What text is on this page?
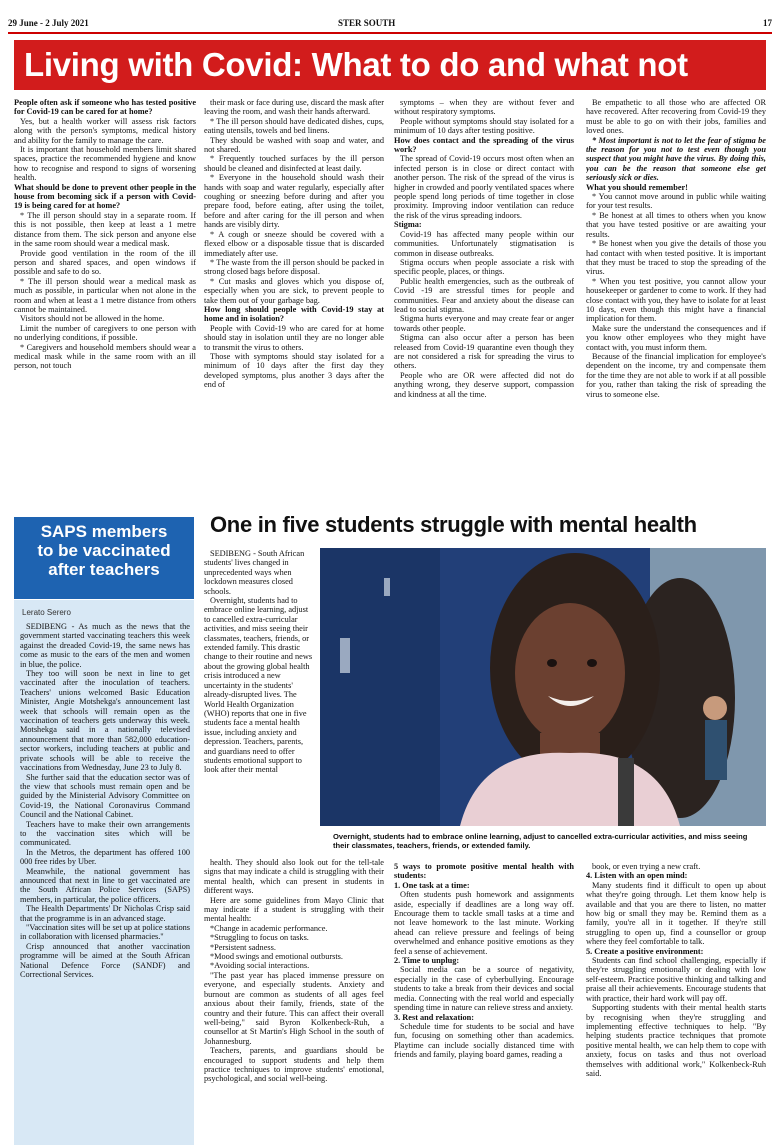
29 June - 2 July 2021	STER SOUTH	17
Living with Covid: What to do and what not

People often ask if someone who has tested positive for Covid-19 can be cared for at home?

Yes, but a health worker will assess risk factors along with the person's symptoms, medical history and ability for the family to manage the care.

It is important that household members limit shared spaces, practice the recommended hygiene and know how to recognise and respond to signs of worsening health.

What should be done to prevent other people in the house from becoming sick if a person with Covid-19 is being cared for at home?

* The ill person should stay in a separate room. If this is not possible, then keep at least a 1 metre distance from them. The sick person and anyone else in the same room should wear a medical mask.

Provide good ventilation in the room of the ill person and shared spaces, and open windows if possible and safe to do so.

* The ill person should wear a medical mask as much as possible, in particular when not alone in the room and when at least a 1 metre distance from others cannot be maintained.

Visitors should not be allowed in the home.

Limit the number of caregivers to one person with no underlying conditions, if possible.

* Caregivers and household members should wear a medical mask while in the same room with an ill person, not touch

their mask or face during use, discard the mask after leaving the room, and wash their hands afterward.

* The ill person should have dedicated dishes, cups, eating utensils, towels and bed linens.

They should be washed with soap and water, and not shared.

* Frequently touched surfaces by the ill person should be cleaned and disinfected at least daily.

* Everyone in the household should wash their hands with soap and water regularly, especially after coughing or sneezing before during and after you prepare food, before eating, after using the toilet, before and after caring for the ill person and when hands are visibly dirty.

* A cough or sneeze should be covered with a flexed elbow or a disposable tissue that is discarded immediately after use.

* The waste from the ill person should be packed in strong closed bags before disposal.

* Cut masks and gloves which you dispose of, especially when you are sick, to prevent people to take them out of your garbage bag.

How long should people with Covid-19 stay at home and in isolation?

People with Covid-19 who are cared for at home should stay in isolation until they are no longer able to transmit the virus to others.

Those with symptoms should stay isolated for a minimum of 10 days after the first day they developed symptoms, plus another 3 days after the end of

symptoms – when they are without fever and without respiratory symptoms.

People without symptoms should stay isolated for a minimum of 10 days after testing positive.

How does contact and the spreading of the virus work?

The spread of Covid-19 occurs most often when an infected person is in close or direct contact with another person. The risk of the spread of the virus is higher in crowded and poorly ventilated spaces where people spend long periods of time together in close proximity. Improving indoor ventilation can reduce the risk of the virus spreading indoors.

Stigma:

Covid-19 has affected many people within our communities. Unfortunately stigmatisation is common in disease outbreaks.

Stigma occurs when people associate a risk with specific people, places, or things.

Public health emergencies, such as the outbreak of Covid -19 are stressful times for people and communities. Fear and anxiety about the disease can lead to social stigma.

Stigma hurts everyone and may create fear or anger towards other people.

Stigma can also occur after a person has been released from Covid-19 quarantine even though they are not considered a risk for spreading the virus to others.

People who are OR were affected did not do anything wrong, they deserve support, compassion and kindness at all the time.

Be empathetic to all those who are affected OR have recovered. After recovering from Covid-19 they must be able to go on with their jobs, families and loved ones.

* Most important is not to let the fear of stigma be the reason for you not to test even though you suspect that you might have the virus. By doing this, you can be the reason that someone else get seriously sick or dies.

What you should remember!

* You cannot move around in public while waiting for your test results.

* Be honest at all times to others when you know that you have tested positive or are awaiting your results.

* Be honest when you give the details of those you had contact with when tested positive. It is important that they must be traced to stop the spreading of the virus.

* When you test positive, you cannot allow your housekeeper or gardener to come to work. If they had close contact with you, they have to isolate for at least 10 days, even though this might have a financial implication for them.

Make sure the understand the consequences and if you know other employees who they might have contact with, you must inform them.

Because of the financial implication for employee's dependent on the income, try and compensate them for the time they are not able to work if at all possible for you, rather than taking the risk of spreading the virus to someone else.

SAPS members
to be vaccinated
after teachers
Lerato Serero

SEDIBENG - As much as the news that the government started vaccinating teachers this week against the dreaded Covid-19, the same news has come as music to the ears of the men and women in blue, the police.

They too will soon be next in line to get vaccinated after the inoculation of teachers. Teachers' unions welcomed Basic Education Minister, Angie Motshekga's announcement last week that schools will remain open as the vaccination of teachers gets underway this week. Motshekga said in a nationally televised announcement that more than 582,000 education-sector workers, including teachers at public and private schools will be able to receive the vaccinations from Wednesday, June 23 to July 8.

She further said that the education sector was of the view that schools must remain open and be guided by the Ministerial Advisory Committee on Covid-19, the National Coronavirus Command Council and the National Cabinet.

Teachers have to make their own arrangements to the vaccination sites which will be communicated.

In the Metros, the department has offered 100 000 free rides by Uber.

Meanwhile, the national government has announced that next in line to get vaccinated are the South African Police Services (SAPS) members, in particular, the police officers.

The Health Departments' Dr Nicholas Crisp said that the programme is in an advanced stage.

"Vaccination sites will be set up at police stations in collaboration with licensed pharmacies."

Crisp announced that another vaccination programme will be aimed at the South African National Defence Force (SANDF) and Correctional Services.

One in five students struggle with mental health

SEDIBENG - South African students' lives changed in unprecedented ways when lockdown measures closed schools.

Overnight, students had to embrace online learning, adjust to cancelled extra-curricular activities, and miss seeing their classmates, teachers, friends, or extended family. This drastic change to their routine and news about the growing global health crisis introduced a new uncertainty in the students' already-disrupted lives. The World Health Organization (WHO) reports that one in five students face a mental health issue, including anxiety and depression. Teachers, parents, and guardians need to offer students emotional support to look after their mental

Overnight, students had to embrace online learning, adjust to cancelled extra-curricular activities, and miss seeing their classmates, teachers, friends, or extended family.

health. They should also look out for the tell-tale signs that may indicate a child is struggling with their mental health, which can present in students in different ways.

Here are some guidelines from Mayo Clinic that may indicate if a student is struggling with their mental health:

*Change in academic performance.

*Struggling to focus on tasks.

*Persistent sadness.

*Mood swings and emotional outbursts.

*Avoiding social interactions.

"The past year has placed immense pressure on everyone, and especially students. Anxiety and burnout are common as students of all ages feel anxious about their family, friends, state of the country and their future. This can affect their overall well-being," said Byron Kolkenbeck-Ruh, a counsellor at St Martin's High School in the south of Johannesburg.

Teachers, parents, and guardians should be encouraged to support students and help them practice techniques to improve students' emotional, psychological, and social well-being.

5 ways to promote positive mental health with students:

1. One task at a time:

Often students push homework and assignments aside, especially if deadlines are a long way off. Encourage them to tackle small tasks at a time and not leave homework to the last minute. Working ahead can relieve pressure and feelings of being overwhelmed and enhance positive emotions as they feel a sense of achievement.

2. Time to unplug:

Social media can be a source of negativity, especially in the case of cyberbullying. Encourage students to take a break from their devices and social media. Connecting with the real world and especially spending time in nature can relieve stress and anxiety.

3. Rest and relaxation:

Schedule time for students to be social and have fun, focusing on something other than academics. Playtime can include socially distanced time with friends and family, playing board games, reading a

book, or even trying a new craft.

4. Listen with an open mind:

Many students find it difficult to open up about what they're going through. Let them know help is available and that you are there to listen, no matter how big or small they may be. Remind them as a family, you're all in it together. If they're still struggling to open up, find a counsellor or group where they feel comfortable to talk.

5. Create a positive environment:

Students can find school challenging, especially if they're struggling emotionally or dealing with low self-esteem. Practice positive thinking and talking and praise all their achievements. Encourage students that with practice, their hard work will pay off.

Supporting students with their mental health starts by recognising when they're struggling and implementing effective techniques to help. "By helping students practice techniques that promote positive mental health, we can help them to cope with anxiety, focus on tasks and thus not overload themselves with additional work," Kolkenbeck-Ruh said.
